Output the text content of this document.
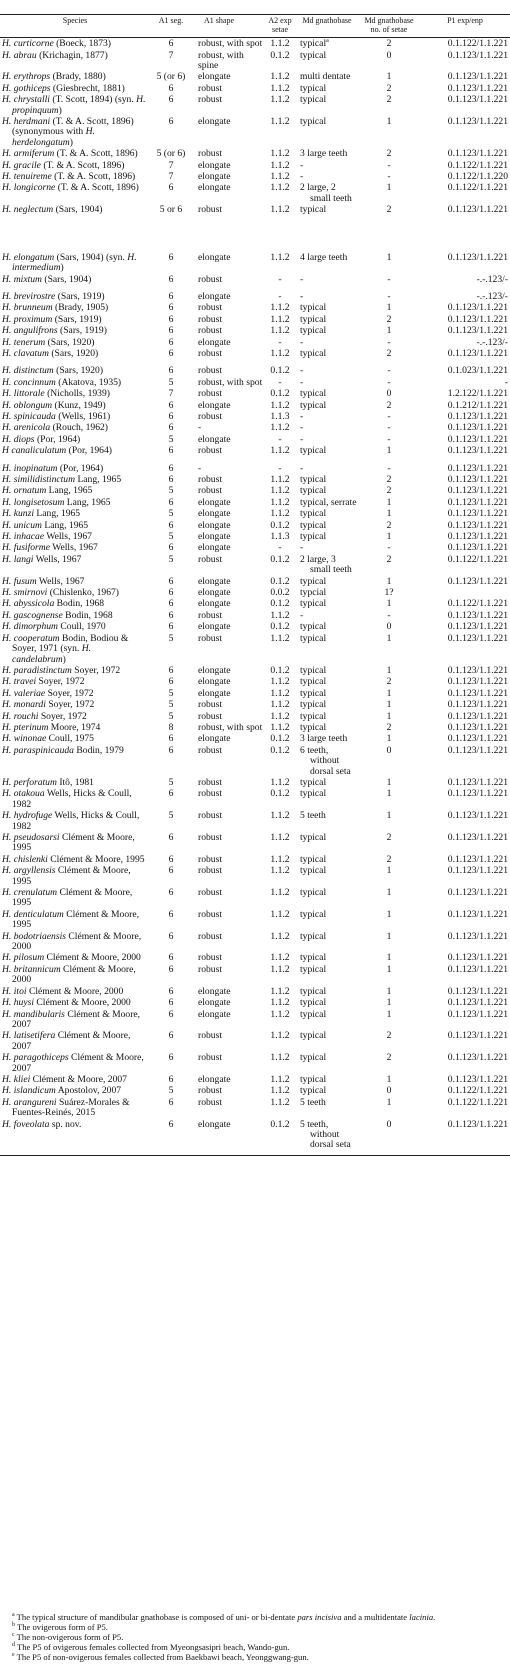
Species	A1 seg.	A1 shape	A2 exp setae	Md gnathobase	Md gnathobase no. of setae	P1 exp/enp

H. curticorne (Boeck, 1873)	6	robust, with spot	1.1.2	typical$^a$	2	0.1.122/1.1.221

H. abrau (Krichagin, 1877)	7	robust, with spine	0.1.2	typical	0	0.1.123/1.1.221

H. erythrops (Brady, 1880)	5 (or 6)	elongate	1.1.2	multi dentate	1	0.1.123/1.1.221

H. gothiceps (Giesbrecht, 1881)	6	robust	1.1.2	typical	2	0.1.123/1.1.221

H. chrystalli (T. Scott, 1894) (syn. H. propinquum)	6	robust	1.1.2	typical	2	0.1.123/1.1.221

H. herdmani (T. & A. Scott, 1896) (synonymous with H. herdelongatum)	6	elongate	1.1.2	typical	1	0.1.123/1.1.221

H. armiferum (T. & A. Scott, 1896)	5 (or 6)	robust	1.1.2	3 large teeth	2	0.1.123/1.1.221

H. gracile (T. & A. Scott, 1896)	7	elongate	1.1.2	-	-	0.1.122/1.1.221

H. tenuireme (T. & A. Scott, 1896)	7	elongate	1.1.2	-	-	0.1.122/1.1.220

H. longicorne (T. & A. Scott, 1896)	6	elongate	1.1.2	2 large, 2 small teeth	1	0.1.122/1.1.221

H. neglectum (Sars, 1904)	5 or 6	robust	1.1.2	typical	2	0.1.123/1.1.221

H. elongatum (Sars, 1904) (syn. H. intermedium)	6	elongate	1.1.2	4 large teeth	1	0.1.123/1.1.221

H. mixtum (Sars, 1904)	6	robust	-	-	-	-.-.123/-

H. brevirostre (Sars, 1919)	6	elongate	-	-	-	-.-.123/-

H. brunneum (Brady, 1905)	6	robust	1.1.2	typical	1	0.1.123/1.1.221

H. proximum (Sars, 1919)	6	robust	1.1.2	typical	2	0.1.123/1.1.221

H. angulifrons (Sars, 1919)	6	robust	1.1.2	typical	1	0.1.123/1.1.221

H. tenerum (Sars, 1920)	6	elongate	-	-	-	-.-.123/-

H. clavatum (Sars, 1920)	6	robust	1.1.2	typical	2	0.1.123/1.1.221

H. distinctum (Sars, 1920)	6	robust	0.1.2	-	-	0.1.023/1.1.221

H. concinnum (Akatova, 1935)	5	robust, with spot	-	-	-	-

H. littorale (Nicholls, 1939)	7	robust	0.1.2	typical	0	1.2.122/1.1.221

H. oblongum (Kunz, 1949)	6	elongate	1.1.2	typical	2	0.1.212/1.1.221

H. spinicauda (Wells, 1961)	6	robust	1.1.3	-	-	0.1.123/1.1.221

H. arenicola (Rouch, 1962)	6	-	1.1.2	-	-	0.1.123/1.1.221

H. diops (Por, 1964)	5	elongate	-	-	-	0.1.123/1.1.221

H canaliculatum (Por, 1964)	6	robust	1.1.2	typical	1	0.1.123/1.1.221

H. inopinatum (Por, 1964)	6	-	-	-	-	0.1.123/1.1.221

H. similidistinctum Lang, 1965	6	robust	1.1.2	typical	2	0.1.123/1.1.221

H. ornatum Lang, 1965	5	robust	1.1.2	typical	2	0.1.123/1.1.221

H. longisetosum Lang, 1965	6	elongate	1.1.2	typical, serrate	1	0.1.123/1.1.221

H. kunzi Lang, 1965	5	elongate	1.1.2	typical	1	0.1.123/1.1.221

H. unicum Lang, 1965	6	elongate	0.1.2	typical	2	0.1.123/1.1.221

H. inhacae Wells, 1967	5	elongate	1.1.3	typical	1	0.1.123/1.1.221

H. fusiforme Wells, 1967	6	elongate	-	-	-	0.1.123/1.1.221

H. langi Wells, 1967	5	robust	0.1.2	2 large, 3 small teeth	2	0.1.122/1.1.221

H. fusum Wells, 1967	6	elongate	0.1.2	typical	1	0.1.123/1.1.221

H. smirnovi (Chislenko, 1967)	6	elongate	0.0.2	typcial	1?	

H. abyssicola Bodin, 1968	6	elongate	0.1.2	typical	1	0.1.122/1.1.221

H. gascognense Bodin, 1968	6	robust	1.1.2	-	-	0.1.123/1.1.221

H. dimorphum Coull, 1970	6	elongate	0.1.2	typical	0	0.1.123/1.1.221

H. cooperatum Bodin, Bodiou & Soyer, 1971 (syn. H. candelabrum)	5	robust	1.1.2	typical	1	0.1.123/1.1.221

H. paradistinctum Soyer, 1972	6	elongate	0.1.2	typical	1	0.1.123/1.1.221

H. travei Soyer, 1972	6	elongate	1.1.2	typical	2	0.1.123/1.1.221

H. valeriae Soyer, 1972	5	elongate	1.1.2	typical	1	0.1.123/1.1.221

H. monardi Soyer, 1972	5	robust	1.1.2	typical	1	0.1.123/1.1.221

H. rouchi Soyer, 1972	5	robust	1.1.2	typical	1	0.1.123/1.1.221

H. pterinum Moore, 1974	8	robust, with spot	1.1.2	typical	2	0.1.123/1.1.221

H. winonae Coull, 1975	6	elongate	0.1.2	3 large teeth	1	0.1.123/1.1.221

H. paraspinicauda Bodin, 1979	6	robust	0.1.2	6 teeth, without dorsal seta	0	0.1.123/1.1.221

H. perforatum Itô, 1981	5	robust	1.1.2	typical	1	0.1.123/1.1.221

H. otakoua Wells, Hicks & Coull, 1982	6	robust	0.1.2	typical	1	0.1.123/1.1.221

H. hydrofuge Wells, Hicks & Coull, 1982	5	robust	1.1.2	5 teeth	1	0.1.123/1.1.221

H. pseudosarsi Clément & Moore, 1995	6	robust	1.1.2	typical	2	0.1.123/1.1.221

H. chislenki Clément & Moore, 1995	6	robust	1.1.2	typical	2	0.1.123/1.1.221

H. argyllensis Clément & Moore, 1995	6	robust	1.1.2	typical	1	0.1.123/1.1.221

H. crenulatum Clément & Moore, 1995	6	robust	1.1.2	typical	1	0.1.123/1.1.221

H. denticulatum Clément & Moore, 1995	6	robust	1.1.2	typical	1	0.1.123/1.1.221

H. bodotriaensis Clément & Moore, 2000	6	robust	1.1.2	typical	1	0.1.123/1.1.221

H. pilosum Clément & Moore, 2000	6	robust	1.1.2	typical	1	0.1.123/1.1.221

H. britannicum Clément & Moore, 2000	6	robust	1.1.2	typical	1	0.1.123/1.1.221

H. itoi Clément & Moore, 2000	6	elongate	1.1.2	typical	1	0.1.123/1.1.221

H. huysi Clément & Moore, 2000	6	elongate	1.1.2	typical	1	0.1.123/1.1.221

H. mandibularis Clément & Moore, 2007	6	elongate	1.1.2	typical	1	0.1.123/1.1.221

H. latisetifera Clément & Moore, 2007	6	robust	1.1.2	typical	2	0.1.123/1.1.221

H. paragothiceps Clément & Moore, 2007	6	robust	1.1.2	typical	2	0.1.123/1.1.221

H. kliei Clément & Moore, 2007	6	elongate	1.1.2	typical	1	0.1.123/1.1.221

H. islandicum Apostolov, 2007	5	robust	1.1.2	typical	0	0.1.122/1.1.221

H. arangureni Suárez-Morales & Fuentes-Reinés, 2015	6	robust	1.1.2	5 teeth	1	0.1.122/1.1.221

H. foveolata sp. nov.	6	elongate	0.1.2	5 teeth, without dorsal seta	0	0.1.123/1.1.221

$^a$ The typical structure of mandibular gnathobase is composed of uni- or bi-dentate pars incisiva and a multidentate lacinia.

$^b$ The ovigerous form of P5.

$^c$ The non-ovigerous form of P5.

$^d$ The P5 of ovigerous females collected from Myeongsasipri beach, Wando-gun.

$^e$ The P5 of non-ovigerous females collected from Baekbawi beach, Yeonggwang-gun.
